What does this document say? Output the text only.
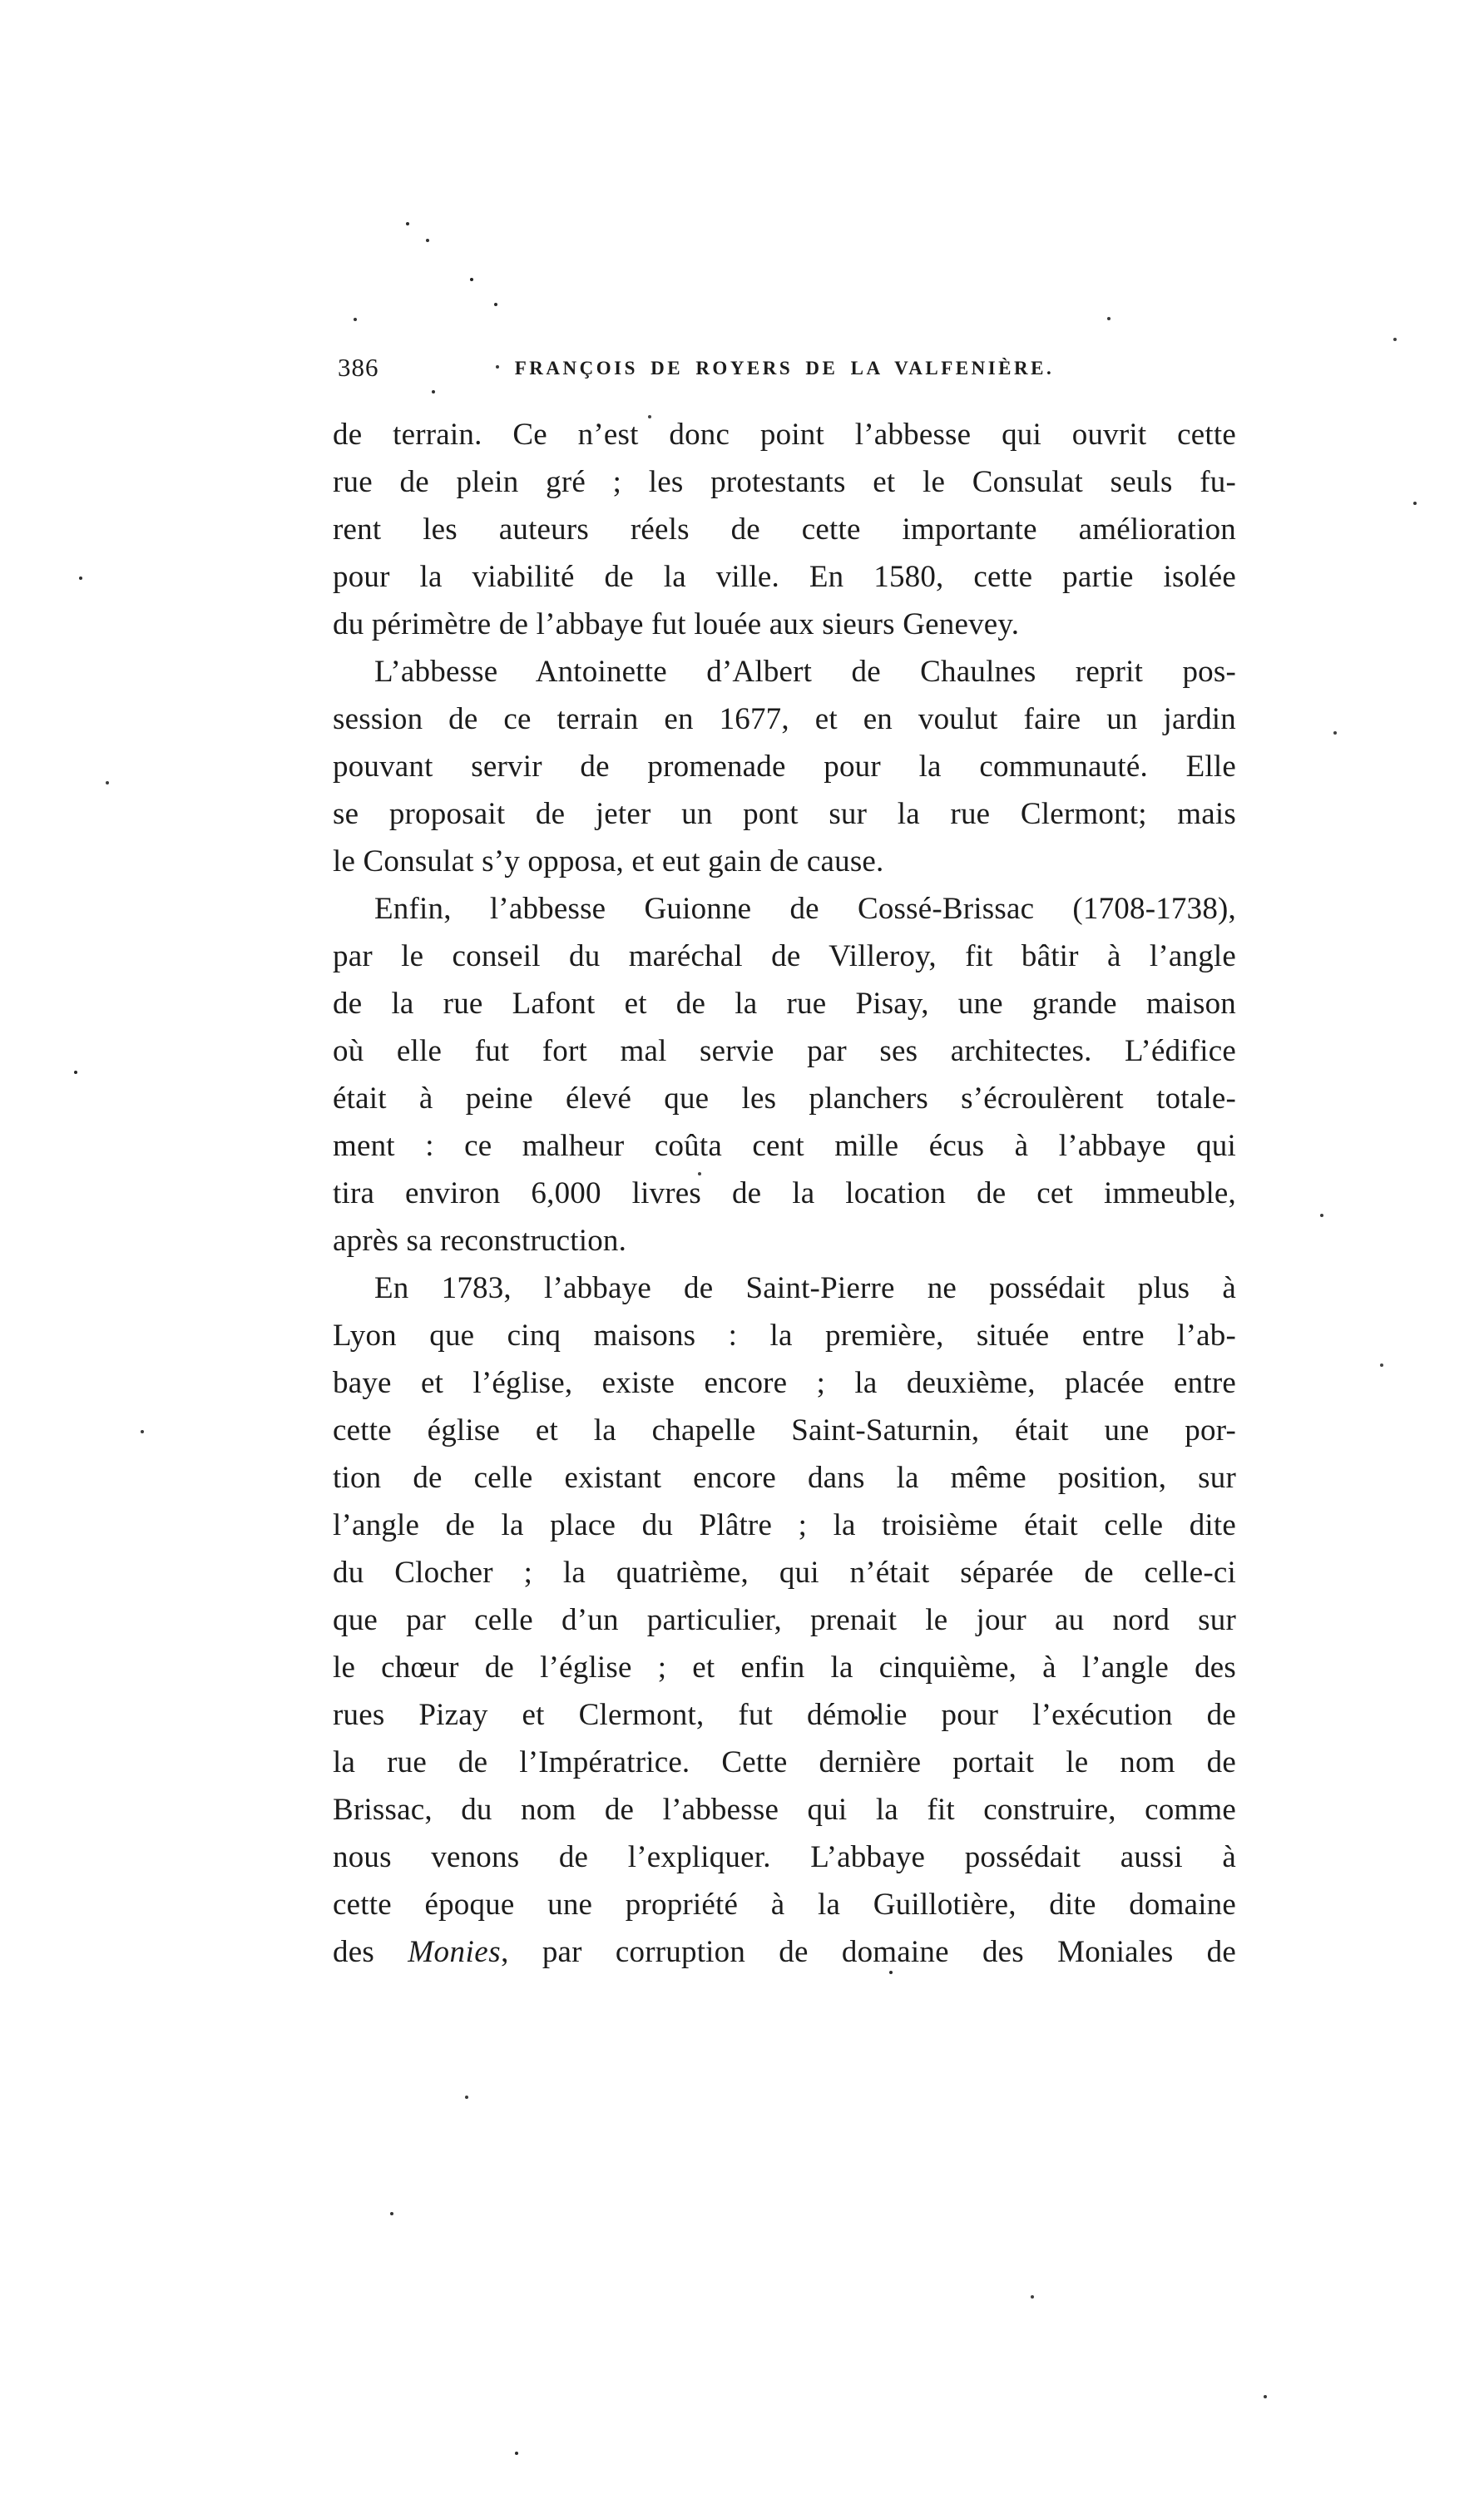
386	FRANÇOIS DE ROYERS DE LA VALFENIÈRE.
de terrain. Ce n’est donc point l’abbesse qui ouvrit cette
rue de plein gré ; les protestants et le Consulat seuls fu-
rent les auteurs réels de cette importante amélioration
pour la viabilité de la ville. En 1580, cette partie isolée
du périmètre de l’abbaye fut louée aux sieurs Genevey.
L’abbesse Antoinette d’Albert de Chaulnes reprit pos-
session de ce terrain en 1677, et en voulut faire un jardin
pouvant servir de promenade pour la communauté. Elle
se proposait de jeter un pont sur la rue Clermont; mais
le Consulat s’y opposa, et eut gain de cause.
Enfin, l’abbesse Guionne de Cossé-Brissac (1708-1738),
par le conseil du maréchal de Villeroy, fit bâtir à l’angle
de la rue Lafont et de la rue Pisay, une grande maison
où elle fut fort mal servie par ses architectes. L’édifice
était à peine élevé que les planchers s’écroulèrent totale-
ment : ce malheur coûta cent mille écus à l’abbaye qui
tira environ 6,000 livres de la location de cet immeuble,
après sa reconstruction.
En 1783, l’abbaye de Saint-Pierre ne possédait plus à
Lyon que cinq maisons : la première, située entre l’ab-
baye et l’église, existe encore ; la deuxième, placée entre
cette église et la chapelle Saint-Saturnin, était une por-
tion de celle existant encore dans la même position, sur
l’angle de la place du Plâtre ; la troisième était celle dite
du Clocher ; la quatrième, qui n’était séparée de celle-ci
que par celle d’un particulier, prenait le jour au nord sur
le chœur de l’église ; et enfin la cinquième, à l’angle des
rues Pizay et Clermont, fut démolie pour l’exécution de
la rue de l’Impératrice. Cette dernière portait le nom de
Brissac, du nom de l’abbesse qui la fit construire, comme
nous venons de l’expliquer. L’abbaye possédait aussi à
cette époque une propriété à la Guillotière, dite domaine
des Monies, par corruption de domaine des Moniales de
